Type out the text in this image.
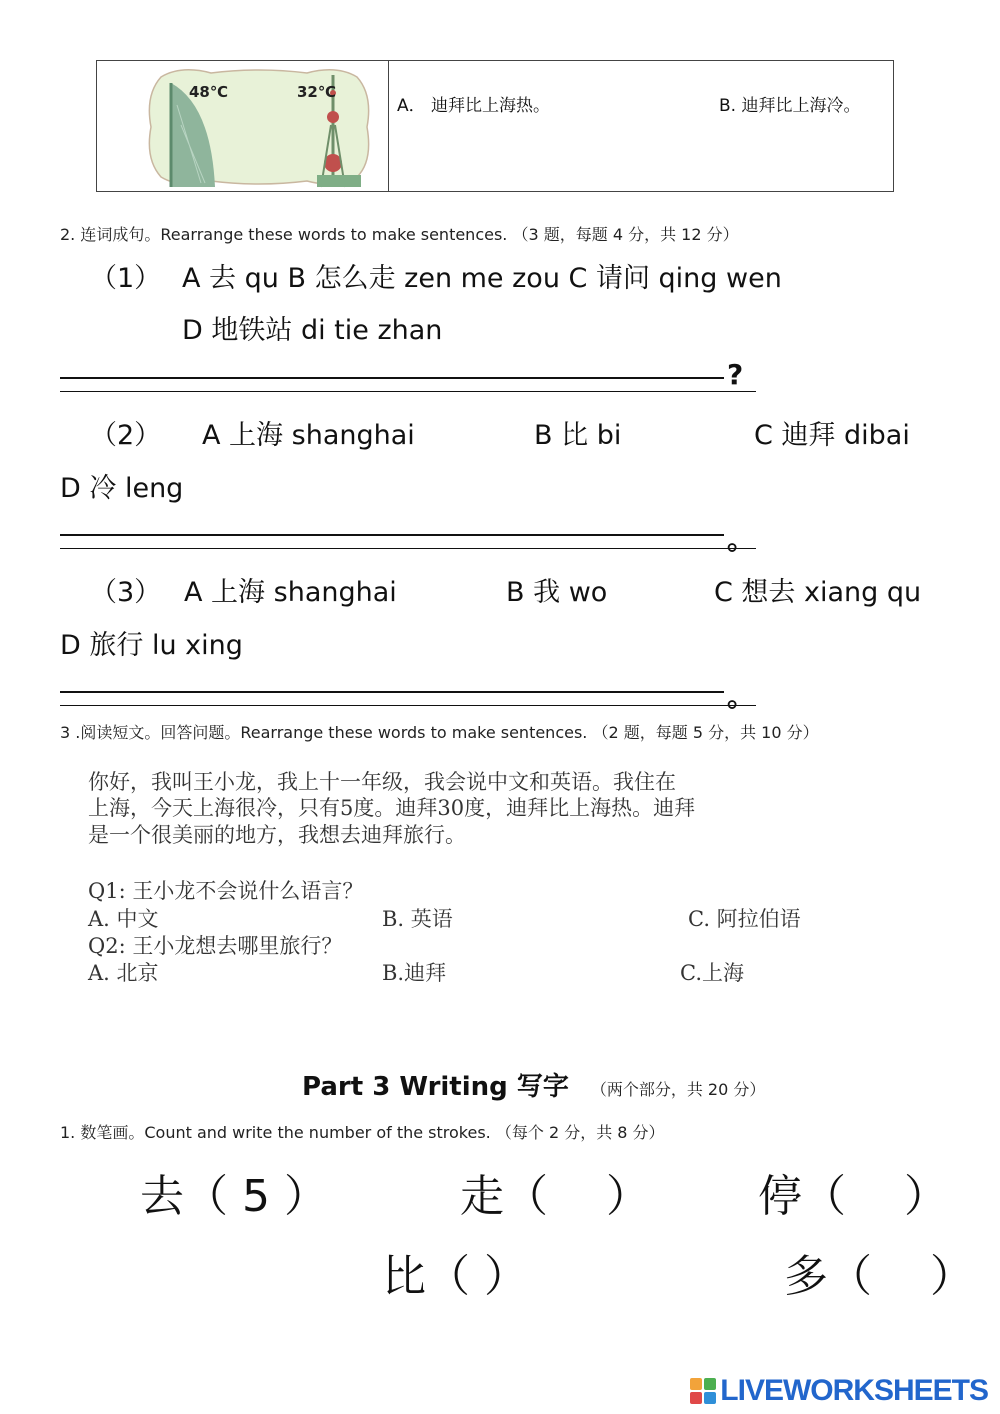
48℃	32℃
A． 迪拜比上海热。	B. 迪拜比上海冷。
2. 连词成句。Rearrange these words to make sentences. （3 题，每题 4 分，共 12 分）
（1） A 去 qu B 怎么走 zen me zou C 请问 qing wen
D 地铁站 di tie zhan
?
（2） A 上海 shanghai	B 比 bi	C 迪拜 dibai
D 冷 leng
。
（3） A 上海 shanghai	B 我 wo	C 想去 xiang qu
D 旅行 lu xing
。
3 .阅读短文。回答问题。Rearrange these words to make sentences. （2 题，每题 5 分，共 10 分）
你好，我叫王小龙，我上十一年级，我会说中文和英语。我住在
上海，今天上海很冷，只有5度。迪拜30度，迪拜比上海热。迪拜
是一个很美丽的地方，我想去迪拜旅行。
Q1: 王小龙不会说什么语言？
A. 中文	B. 英语	C. 阿拉伯语
Q2: 王小龙想去哪里旅行？
A. 北京	B.迪拜	C.上海
Part 3 Writing 写字 （两个部分，共 20 分）
1. 数笔画。Count and write the number of the strokes. （每个 2 分，共 8 分）
去（ 5 ）	走（　 ） 停（　 ）
比（ ）	多（　 ）
LIVEWORKSHEETS
